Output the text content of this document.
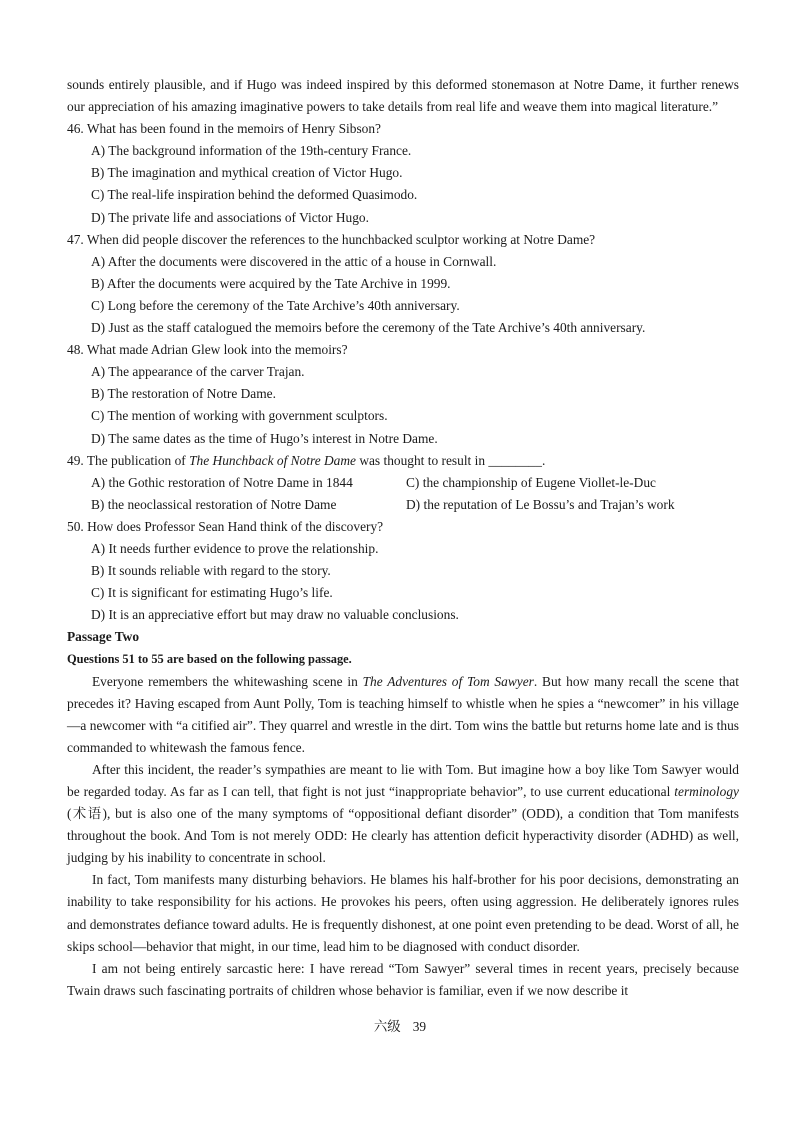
sounds entirely plausible, and if Hugo was indeed inspired by this deformed stonemason at Notre Dame, it further renews our appreciation of his amazing imaginative powers to take details from real life and weave them into magical literature.”

46. What has been found in the memoirs of Henry Sibson?
A) The background information of the 19th-century France.
B) The imagination and mythical creation of Victor Hugo.
C) The real-life inspiration behind the deformed Quasimodo.
D) The private life and associations of Victor Hugo.
47. When did people discover the references to the hunchbacked sculptor working at Notre Dame?
A) After the documents were discovered in the attic of a house in Cornwall.
B) After the documents were acquired by the Tate Archive in 1999.
C) Long before the ceremony of the Tate Archive’s 40th anniversary.
D) Just as the staff catalogued the memoirs before the ceremony of the Tate Archive’s 40th anniversary.
48. What made Adrian Glew look into the memoirs?
A) The appearance of the carver Trajan.
B) The restoration of Notre Dame.
C) The mention of working with government sculptors.
D) The same dates as the time of Hugo’s interest in Notre Dame.
49. The publication of The Hunchback of Notre Dame was thought to result in ________.
A) the Gothic restoration of Notre Dame in 1844	C) the championship of Eugene Viollet-le-Duc
B) the neoclassical restoration of Notre Dame	D) the reputation of Le Bossu’s and Trajan’s work
50. How does Professor Sean Hand think of the discovery?
A) It needs further evidence to prove the relationship.
B) It sounds reliable with regard to the story.
C) It is significant for estimating Hugo’s life.
D) It is an appreciative effort but may draw no valuable conclusions.
Passage Two
Questions 51 to 55 are based on the following passage.

Everyone remembers the whitewashing scene in The Adventures of Tom Sawyer. But how many recall the scene that precedes it? Having escaped from Aunt Polly, Tom is teaching himself to whistle when he spies a “newcomer” in his village—a newcomer with “a citified air”. They quarrel and wrestle in the dirt. Tom wins the battle but returns home late and is thus commanded to whitewash the famous fence.

After this incident, the reader’s sympathies are meant to lie with Tom. But imagine how a boy like Tom Sawyer would be regarded today. As far as I can tell, that fight is not just “inappropriate behavior”, to use current educational terminology (术语), but is also one of the many symptoms of “oppositional defiant disorder” (ODD), a condition that Tom manifests throughout the book. And Tom is not merely ODD: He clearly has attention deficit hyperactivity disorder (ADHD) as well, judging by his inability to concentrate in school.

In fact, Tom manifests many disturbing behaviors. He blames his half-brother for his poor decisions, demonstrating an inability to take responsibility for his actions. He provokes his peers, often using aggression. He deliberately ignores rules and demonstrates defiance toward adults. He is frequently dishonest, at one point even pretending to be dead. Worst of all, he skips school—behavior that might, in our time, lead him to be diagnosed with conduct disorder.

I am not being entirely sarcastic here: I have reread “Tom Sawyer” several times in recent years, precisely because Twain draws such fascinating portraits of children whose behavior is familiar, even if we now describe it

六级 39
